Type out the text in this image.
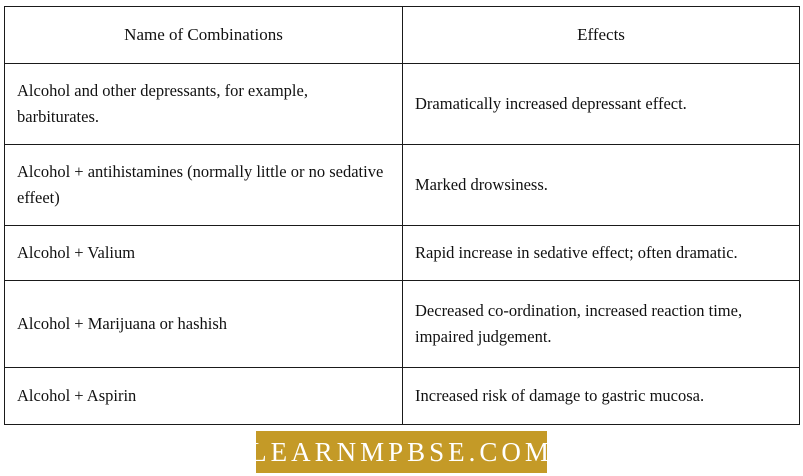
Name of Combinations	Effects
Alcohol and other depressants, for example, barbiturates.	Dramatically increased depressant effect.
Alcohol + antihistamines (normally little or no sedative effeet)	Marked drowsiness.
Alcohol + Valium	Rapid increase in sedative effect; often dramatic.
Alcohol + Marijuana or hashish	Decreased co-ordination, increased reaction time, impaired judgement.
Alcohol + Aspirin	Increased risk of damage to gastric mucosa.
LEARNMPBSE.COM
